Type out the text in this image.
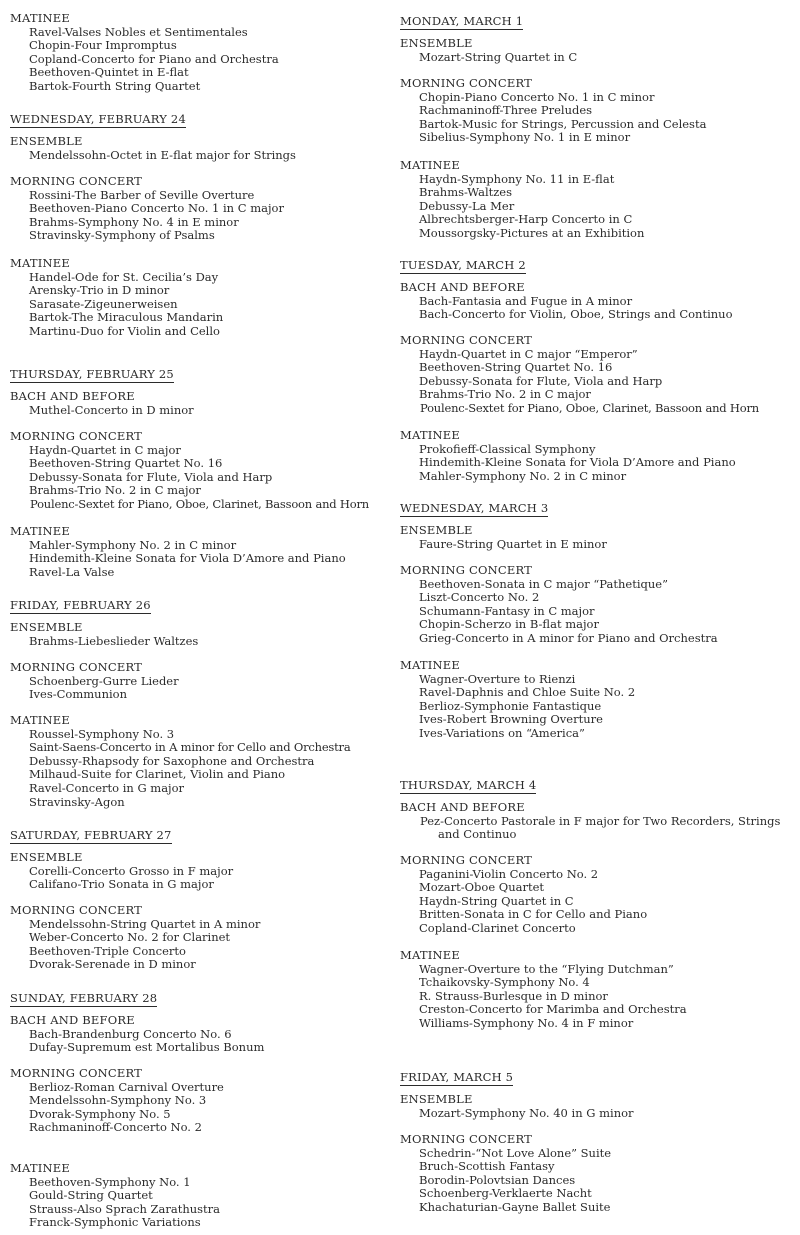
MATINEE
Ravel-Valses Nobles et Sentimentales
Chopin-Four Impromptus
Copland-Concerto for Piano and Orchestra
Beethoven-Quintet in E-flat
Bartok-Fourth String Quartet
WEDNESDAY, FEBRUARY 24
ENSEMBLE
Mendelssohn-Octet in E-flat major for Strings
MORNING CONCERT
Rossini-The Barber of Seville Overture
Beethoven-Piano Concerto No. 1 in C major
Brahms-Symphony No. 4 in E minor
Stravinsky-Symphony of Psalms
MATINEE
Handel-Ode for St. Cecilia’s Day
Arensky-Trio in D minor
Sarasate-Zigeunerweisen
Bartok-The Miraculous Mandarin
Martinu-Duo for Violin and Cello
THURSDAY, FEBRUARY 25
BACH AND BEFORE
Muthel-Concerto in D minor
MORNING CONCERT
Haydn-Quartet in C major
Beethoven-String Quartet No. 16
Debussy-Sonata for Flute, Viola and Harp
Brahms-Trio No. 2 in C major
Poulenc-Sextet for Piano, Oboe, Clarinet, Bassoon and Horn
MATINEE
Mahler-Symphony No. 2 in C minor
Hindemith-Kleine Sonata for Viola D’Amore and Piano
Ravel-La Valse
FRIDAY, FEBRUARY 26
ENSEMBLE
Brahms-Liebeslieder Waltzes
MORNING CONCERT
Schoenberg-Gurre Lieder
Ives-Communion
MATINEE
Roussel-Symphony No. 3
Saint-Saens-Concerto in A minor for Cello and Orchestra
Debussy-Rhapsody for Saxophone and Orchestra
Milhaud-Suite for Clarinet, Violin and Piano
Ravel-Concerto in G major
Stravinsky-Agon
SATURDAY, FEBRUARY 27
ENSEMBLE
Corelli-Concerto Grosso in F major
Califano-Trio Sonata in G major
MORNING CONCERT
Mendelssohn-String Quartet in A minor
Weber-Concerto No. 2 for Clarinet
Beethoven-Triple Concerto
Dvorak-Serenade in D minor
SUNDAY, FEBRUARY 28
BACH AND BEFORE
Bach-Brandenburg Concerto No. 6
Dufay-Supremum est Mortalibus Bonum
MORNING CONCERT
Berlioz-Roman Carnival Overture
Mendelssohn-Symphony No. 3
Dvorak-Symphony No. 5
Rachmaninoff-Concerto No. 2
MATINEE
Beethoven-Symphony No. 1
Gould-String Quartet
Strauss-Also Sprach Zarathustra
Franck-Symphonic Variations
MONDAY, MARCH 1
ENSEMBLE
Mozart-String Quartet in C
MORNING CONCERT
Chopin-Piano Concerto No. 1 in C minor
Rachmaninoff-Three Preludes
Bartok-Music for Strings, Percussion and Celesta
Sibelius-Symphony No. 1 in E minor
MATINEE
Haydn-Symphony No. 11 in E-flat
Brahms-Waltzes
Debussy-La Mer
Albrechtsberger-Harp Concerto in C
Moussorgsky-Pictures at an Exhibition
TUESDAY, MARCH 2
BACH AND BEFORE
Bach-Fantasia and Fugue in A minor
Bach-Concerto for Violin, Oboe, Strings and Continuo
MORNING CONCERT
Haydn-Quartet in C major “Emperor”
Beethoven-String Quartet No. 16
Debussy-Sonata for Flute, Viola and Harp
Brahms-Trio No. 2 in C major
Poulenc-Sextet for Piano, Oboe, Clarinet, Bassoon and Horn
MATINEE
Prokofieff-Classical Symphony
Hindemith-Kleine Sonata for Viola D’Amore and Piano
Mahler-Symphony No. 2 in C minor
WEDNESDAY, MARCH 3
ENSEMBLE
Faure-String Quartet in E minor
MORNING CONCERT
Beethoven-Sonata in C major “Pathetique”
Liszt-Concerto No. 2
Schumann-Fantasy in C major
Chopin-Scherzo in B-flat major
Grieg-Concerto in A minor for Piano and Orchestra
MATINEE
Wagner-Overture to Rienzi
Ravel-Daphnis and Chloe Suite No. 2
Berlioz-Symphonie Fantastique
Ives-Robert Browning Overture
Ives-Variations on “America”
THURSDAY, MARCH 4
BACH AND BEFORE
Pez-Concerto Pastorale in F major for Two Recorders, Strings and Continuo
MORNING CONCERT
Paganini-Violin Concerto No. 2
Mozart-Oboe Quartet
Haydn-String Quartet in C
Britten-Sonata in C for Cello and Piano
Copland-Clarinet Concerto
MATINEE
Wagner-Overture to the “Flying Dutchman”
Tchaikovsky-Symphony No. 4
R. Strauss-Burlesque in D minor
Creston-Concerto for Marimba and Orchestra
Williams-Symphony No. 4 in F minor
FRIDAY, MARCH 5
ENSEMBLE
Mozart-Symphony No. 40 in G minor
MORNING CONCERT
Schedrin-“Not Love Alone” Suite
Bruch-Scottish Fantasy
Borodin-Polovtsian Dances
Schoenberg-Verklaerte Nacht
Khachaturian-Gayne Ballet Suite
